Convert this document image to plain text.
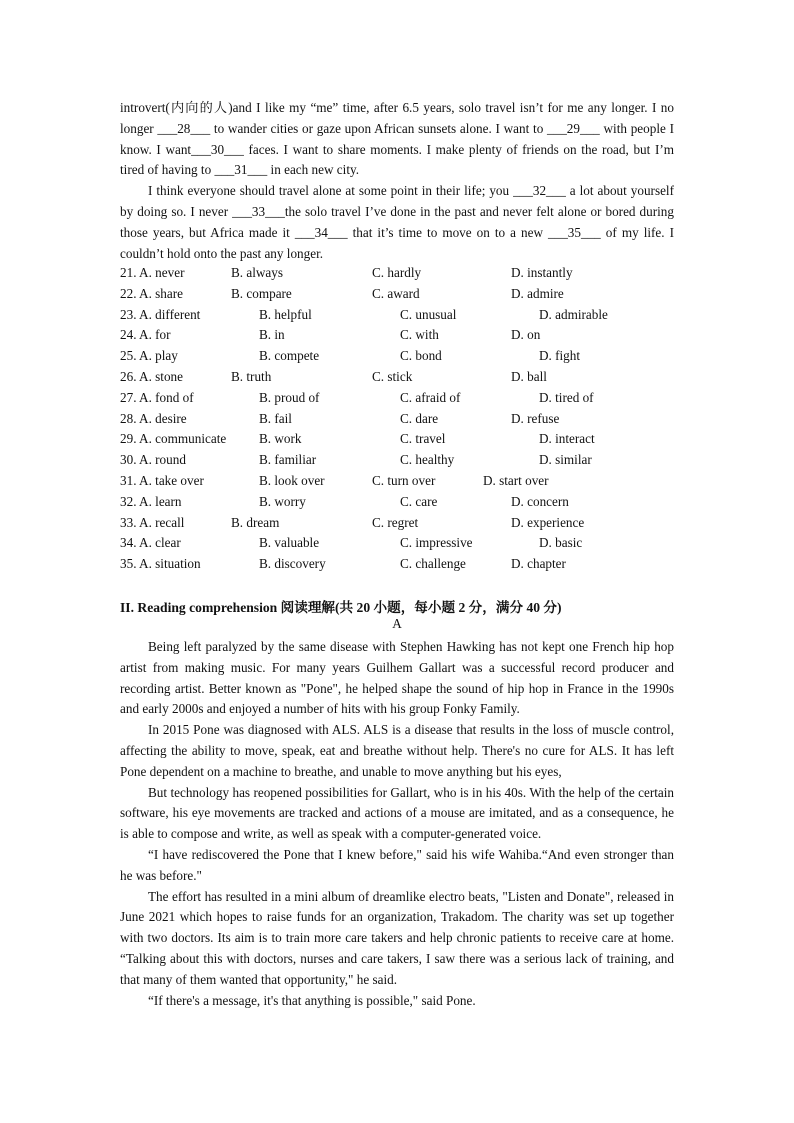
introvert(内向的人)and I like my “me” time, after 6.5 years, solo travel isn’t for me any longer. I no longer ___28___ to wander cities or gaze upon African sunsets alone. I want to ___29___ with people I know. I want___30___ faces. I want to share moments. I make plenty of friends on the road, but I’m tired of having to ___31___ in each new city.

I think everyone should travel alone at some point in their life; you ___32___ a lot about yourself by doing so. I never ___33___the solo travel I’ve done in the past and never felt alone or bored during those years, but Africa made it ___34___ that it’s time to move on to a new ___35___ of my life. I couldn’t hold onto the past any longer.

21. A. never	B. always	C. hardly	D. instantly
22. A. share	B. compare	C. award	D. admire
23. A. different	B. helpful	C. unusual	D. admirable
24. A. for	B. in	C. with	D. on
25. A. play	B. compete	C. bond	D. fight
26. A. stone	B. truth	C. stick	D. ball
27. A. fond of	B. proud of	C. afraid of	D. tired of
28. A. desire	B. fail	C. dare	D. refuse
29. A. communicate B. work	C. travel	D. interact
30. A. round	B. familiar	C. healthy	D. similar
31. A. take over	B. look over	C. turn over	D. start over
32. A. learn	B. worry	C. care	D. concern
33. A. recall	B. dream	C. regret	D. experience
34. A. clear	B. valuable	C. impressive	D. basic
35. A. situation	B. discovery	C. challenge	D. chapter
II. Reading comprehension 阅读理解(共 20 小题，每小题 2 分，满分 40 分)
A

Being left paralyzed by the same disease with Stephen Hawking has not kept one French hip hop artist from making music. For many years Guilhem Gallart was a successful record producer and recording artist. Better known as "Pone", he helped shape the sound of hip hop in France in the 1990s and early 2000s and enjoyed a number of hits with his group Fonky Family.

In 2015 Pone was diagnosed with ALS. ALS is a disease that results in the loss of muscle control, affecting the ability to move, speak, eat and breathe without help. There's no cure for ALS. It has left Pone dependent on a machine to breathe, and unable to move anything but his eyes,

But technology has reopened possibilities for Gallart, who is in his 40s. With the help of the certain software, his eye movements are tracked and actions of a mouse are imitated, and as a consequence, he is able to compose and write, as well as speak with a computer-generated voice.

“I have rediscovered the Pone that I knew before," said his wife Wahiba.“And even stronger than he was before."

The effort has resulted in a mini album of dreamlike electro beats, "Listen and Donate", released in June 2021 which hopes to raise funds for an organization, Trakadom. The charity was set up together with two doctors. Its aim is to train more care takers and help chronic patients to receive care at home. “Talking about this with doctors, nurses and care takers, I saw there was a serious lack of training, and that many of them wanted that opportunity," he said.

“If there's a message, it's that anything is possible," said Pone.
